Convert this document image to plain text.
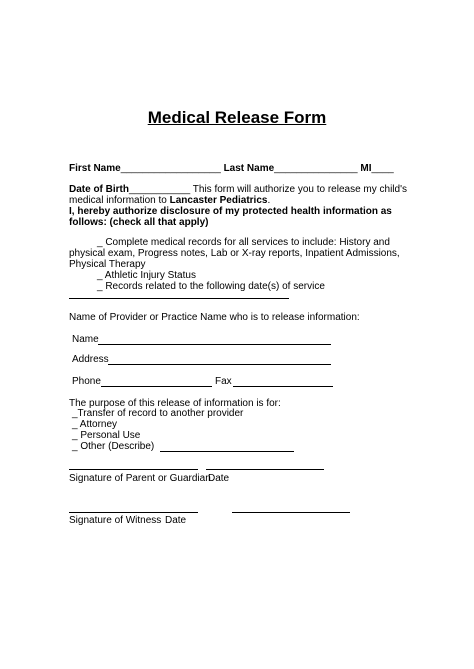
Medical Release Form
First Name__________________ Last Name_______________ MI____
Date of Birth___________ This form will authorize you to release my child's
medical information to Lancaster Pediatrics.
I, hereby authorize disclosure of my protected health information as
follows: (check all that apply)
_ Complete medical records for all services to include: History and
physical exam, Progress notes, Lab or X-ray reports, Inpatient Admissions,
Physical Therapy
_ Athletic Injury Status
_ Records related to the following date(s) of service
Name of Provider or Practice Name who is to release information:
Name
Address
Phone	Fax
The purpose of this release of information is for:
_Transfer of record to another provider
_ Attorney
_ Personal Use
_ Other (Describe)
Signature of Parent or Guardian
Date
Signature of Witness Date
